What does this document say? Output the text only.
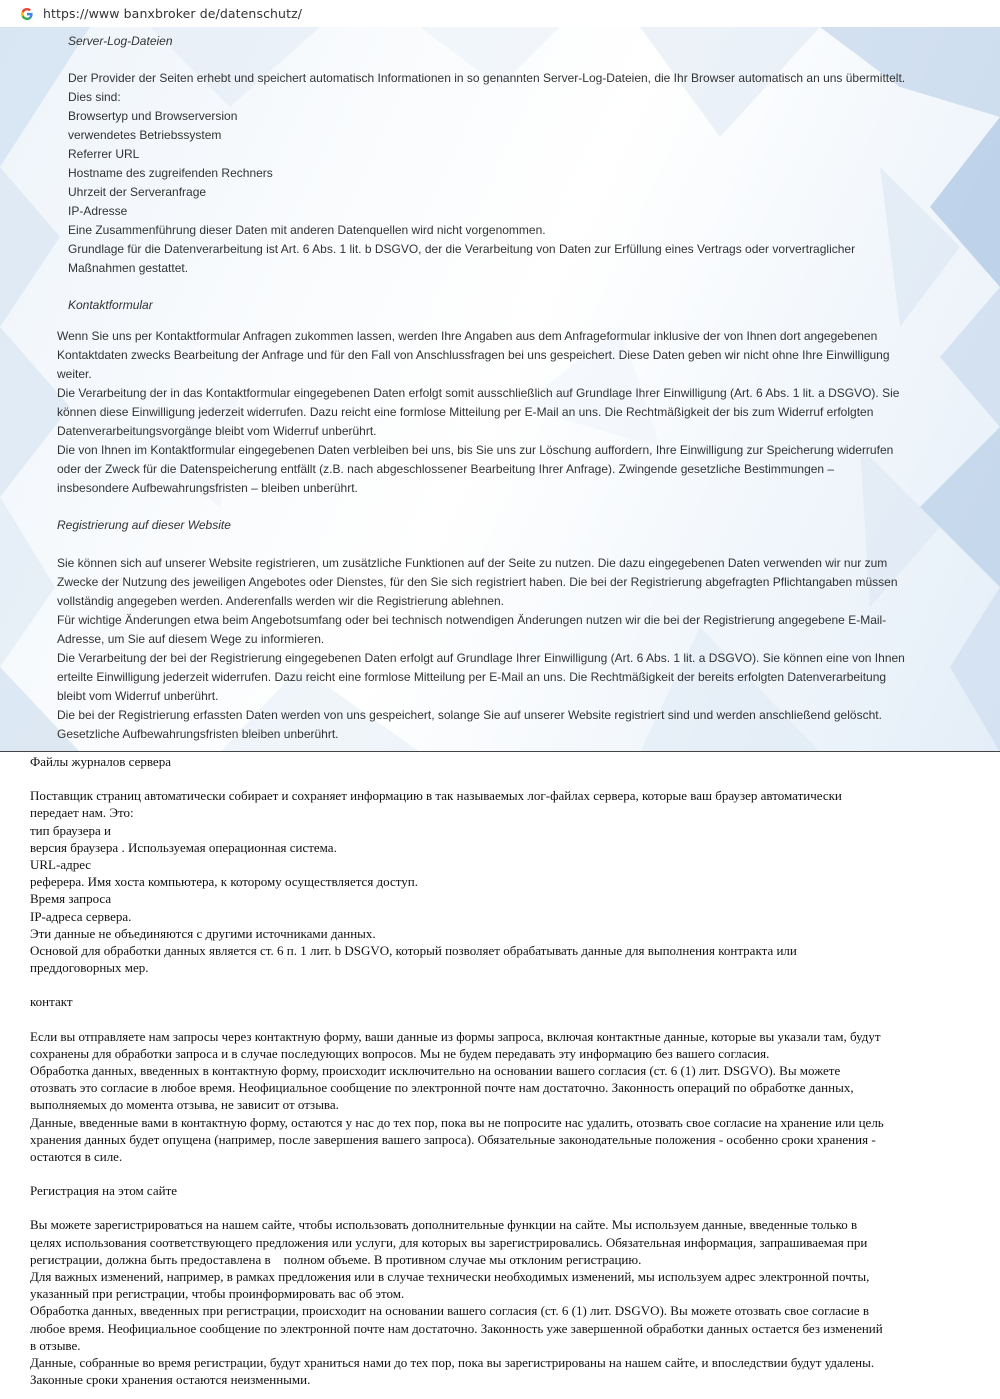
https://www banxbroker de/datenschutz/

Server-Log-Dateien

Der Provider der Seiten erhebt und speichert automatisch Informationen in so genannten Server-Log-Dateien, die Ihr Browser automatisch an uns übermittelt.

Dies sind:

Browsertyp und Browserversion

verwendetes Betriebssystem

Referrer URL

Hostname des zugreifenden Rechners

Uhrzeit der Serveranfrage

IP-Adresse

Eine Zusammenführung dieser Daten mit anderen Datenquellen wird nicht vorgenommen.

Grundlage für die Datenverarbeitung ist Art. 6 Abs. 1 lit. b DSGVO, der die Verarbeitung von Daten zur Erfüllung eines Vertrags oder vorvertraglicher

Maßnahmen gestattet.

Kontaktformular

Wenn Sie uns per Kontaktformular Anfragen zukommen lassen, werden Ihre Angaben aus dem Anfrageformular inklusive der von Ihnen dort angegebenen

Kontaktdaten zwecks Bearbeitung der Anfrage und für den Fall von Anschlussfragen bei uns gespeichert. Diese Daten geben wir nicht ohne Ihre Einwilligung

weiter.

Die Verarbeitung der in das Kontaktformular eingegebenen Daten erfolgt somit ausschließlich auf Grundlage Ihrer Einwilligung (Art. 6 Abs. 1 lit. a DSGVO). Sie

können diese Einwilligung jederzeit widerrufen. Dazu reicht eine formlose Mitteilung per E-Mail an uns. Die Rechtmäßigkeit der bis zum Widerruf erfolgten

Datenverarbeitungsvorgänge bleibt vom Widerruf unberührt.

Die von Ihnen im Kontaktformular eingegebenen Daten verbleiben bei uns, bis Sie uns zur Löschung auffordern, Ihre Einwilligung zur Speicherung widerrufen

oder der Zweck für die Datenspeicherung entfällt (z.B. nach abgeschlossener Bearbeitung Ihrer Anfrage). Zwingende gesetzliche Bestimmungen –

insbesondere Aufbewahrungsfristen – bleiben unberührt.

Registrierung auf dieser Website

Sie können sich auf unserer Website registrieren, um zusätzliche Funktionen auf der Seite zu nutzen. Die dazu eingegebenen Daten verwenden wir nur zum

Zwecke der Nutzung des jeweiligen Angebotes oder Dienstes, für den Sie sich registriert haben. Die bei der Registrierung abgefragten Pflichtangaben müssen

vollständig angegeben werden. Anderenfalls werden wir die Registrierung ablehnen.

Für wichtige Änderungen etwa beim Angebotsumfang oder bei technisch notwendigen Änderungen nutzen wir die bei der Registrierung angegebene E-Mail-

Adresse, um Sie auf diesem Wege zu informieren.

Die Verarbeitung der bei der Registrierung eingegebenen Daten erfolgt auf Grundlage Ihrer Einwilligung (Art. 6 Abs. 1 lit. a DSGVO). Sie können eine von Ihnen

erteilte Einwilligung jederzeit widerrufen. Dazu reicht eine formlose Mitteilung per E-Mail an uns. Die Rechtmäßigkeit der bereits erfolgten Datenverarbeitung

bleibt vom Widerruf unberührt.

Die bei der Registrierung erfassten Daten werden von uns gespeichert, solange Sie auf unserer Website registriert sind und werden anschließend gelöscht.

Gesetzliche Aufbewahrungsfristen bleiben unberührt.

Файлы журналов сервера

Поставщик страниц автоматически собирает и сохраняет информацию в так называемых лог-файлах сервера, которые ваш браузер автоматически

передает нам. Это:

тип браузера и

версия браузера . Используемая операционная система.

URL-адрес

реферера. Имя хоста компьютера, к которому осуществляется доступ.

Время запроса

IP-адреса сервера.

Эти данные не объединяются с другими источниками данных.

Основой для обработки данных является ст. 6 п. 1 лит. b DSGVO, который позволяет обрабатывать данные для выполнения контракта или

преддоговорных мер.

контакт

Если вы отправляете нам запросы через контактную форму, ваши данные из формы запроса, включая контактные данные, которые вы указали там, будут

сохранены для обработки запроса и в случае последующих вопросов. Мы не будем передавать эту информацию без вашего согласия.

Обработка данных, введенных в контактную форму, происходит исключительно на основании вашего согласия (ст. 6 (1) лит. DSGVO). Вы можете

отозвать это согласие в любое время. Неофициальное сообщение по электронной почте нам достаточно. Законность операций по обработке данных,

выполняемых до момента отзыва, не зависит от отзыва.

Данные, введенные вами в контактную форму, остаются у нас до тех пор, пока вы не попросите нас удалить, отозвать свое согласие на хранение или цель

хранения данных будет опущена (например, после завершения вашего запроса). Обязательные законодательные положения - особенно сроки хранения -

остаются в силе.

Регистрация на этом сайте

Вы можете зарегистрироваться на нашем сайте, чтобы использовать дополнительные функции на сайте. Мы используем данные, введенные только в

целях использования соответствующего предложения или услуги, для которых вы зарегистрировались. Обязательная информация, запрашиваемая при

регистрации, должна быть предоставлена в    полном объеме. В противном случае мы отклоним регистрацию.

Для важных изменений, например, в рамках предложения или в случае технически необходимых изменений, мы используем адрес электронной почты,

указанный при регистрации, чтобы проинформировать вас об этом.

Обработка данных, введенных при регистрации, происходит на основании вашего согласия (ст. 6 (1) лит. DSGVO). Вы можете отозвать свое согласие в

любое время. Неофициальное сообщение по электронной почте нам достаточно. Законность уже завершенной обработки данных остается без изменений

в отзыве.

Данные, собранные во время регистрации, будут храниться нами до тех пор, пока вы зарегистрированы на нашем сайте, и впоследствии будут удалены.

Законные сроки хранения остаются неизменными.
